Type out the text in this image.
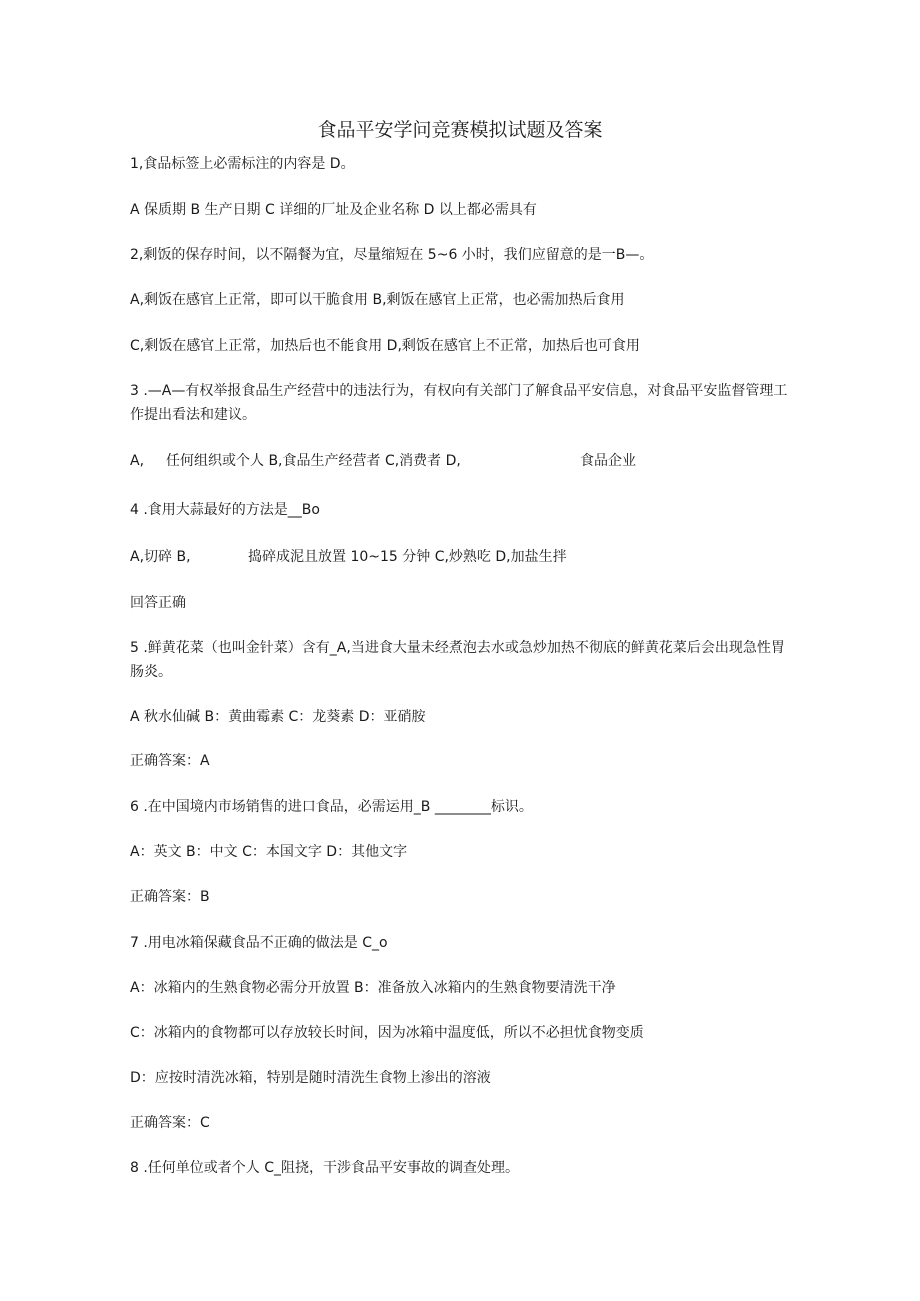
食品平安学问竞赛模拟试题及答案
1,食品标签上必需标注的内容是 D。
A 保质期 B 生产日期 C 详细的厂址及企业名称 D 以上都必需具有
2,剩饭的保存时间，以不隔餐为宜，尽量缩短在 5~6 小时，我们应留意的是一B—。
A,剩饭在感官上正常，即可以干脆食用 B,剩饭在感官上正常，也必需加热后食用
C,剩饭在感官上正常，加热后也不能食用 D,剩饭在感官上不正常，加热后也可食用
3 .—A—有权举报食品生产经营中的违法行为，有权向有关部门了解食品平安信息，对食品平安监督管理工作提出看法和建议。
A, 任何组织或个人 B,食品生产经营者 C,消费者 D,	食品企业
4 .食用大蒜最好的方法是__Bo
A,切碎 B,	捣碎成泥且放置 10~15 分钟 C,炒熟吃 D,加盐生拌
回答正确
5 .鲜黄花菜（也叫金针菜）含有_A,当进食大量未经煮泡去水或急炒加热不彻底的鲜黄花菜后会出现急性胃肠炎。
A 秋水仙碱 B：黄曲霉素 C：龙葵素 D：亚硝胺
正确答案：A
6 .在中国境内市场销售的进口食品，必需运用_B ________标识。
A：英文 B：中文 C：本国文字 D：其他文字
正确答案：B
7 .用电冰箱保藏食品不正确的做法是 C_o
A：冰箱内的生熟食物必需分开放置 B：准备放入冰箱内的生熟食物要清洗干净
C：冰箱内的食物都可以存放较长时间，因为冰箱中温度低，所以不必担忧食物变质
D：应按时清洗冰箱，特别是随时清洗生食物上渗出的溶液
正确答案：C
8 .任何单位或者个人 C_阻挠，干涉食品平安事故的调查处理。
